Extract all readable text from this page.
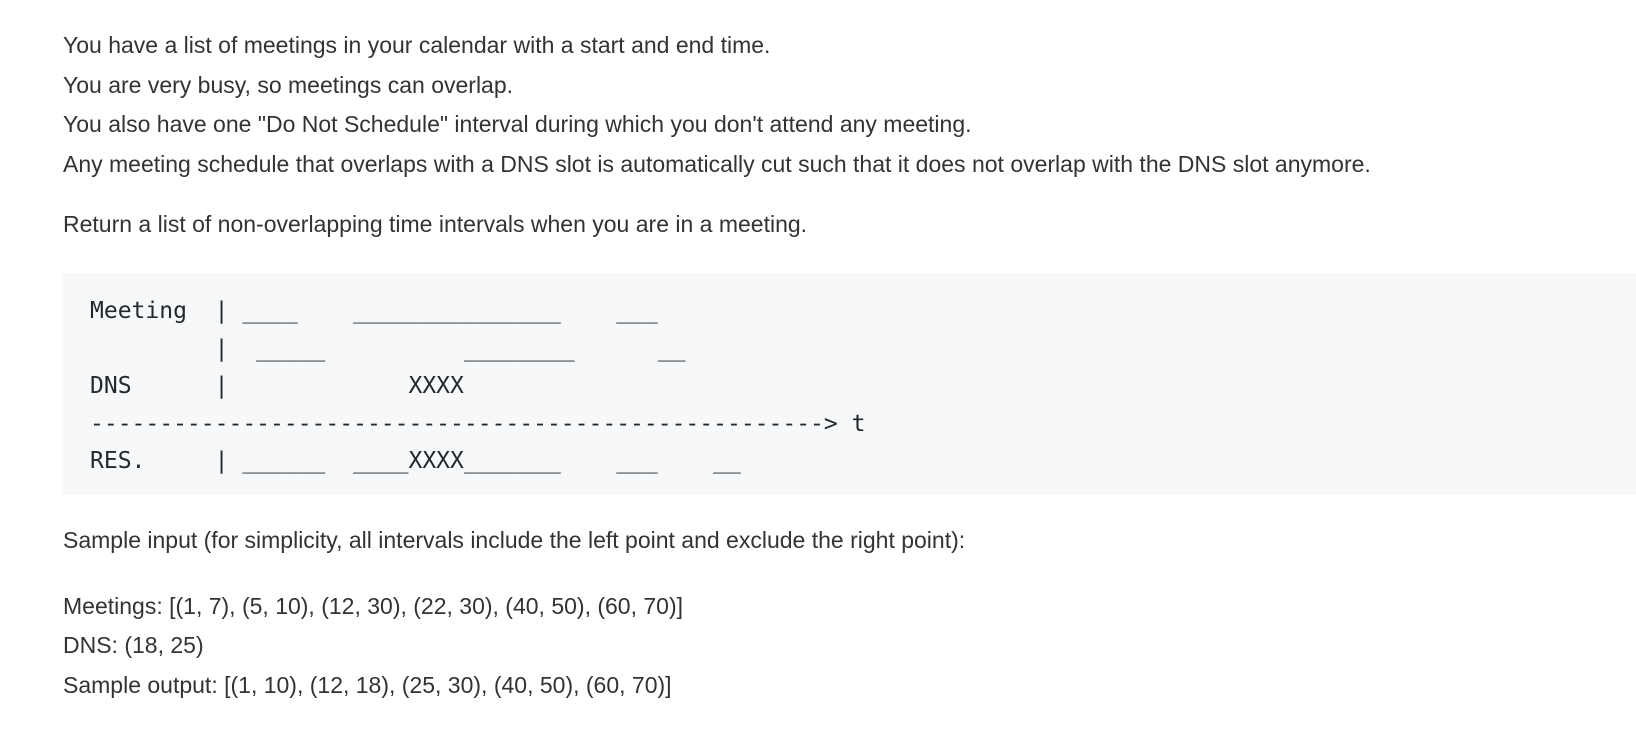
You have a list of meetings in your calendar with a start and end time.

You are very busy, so meetings can overlap.

You also have one "Do Not Schedule" interval during which you don't attend any meeting.

Any meeting schedule that overlaps with a DNS slot is automatically cut such that it does not overlap with the DNS slot anymore.

Return a list of non-overlapping time intervals when you are in a meeting.

Meeting  | ____    _______________    ___
|  _____          ________      __
DNS      |             XXXX
-----------------------------------------------------> t
RES.     | ______  ____XXXX_______    ___    __

Sample input (for simplicity, all intervals include the left point and exclude the right point):

Meetings: [(1, 7), (5, 10), (12, 30), (22, 30), (40, 50), (60, 70)]

DNS: (18, 25)

Sample output: [(1, 10), (12, 18), (25, 30), (40, 50), (60, 70)]
